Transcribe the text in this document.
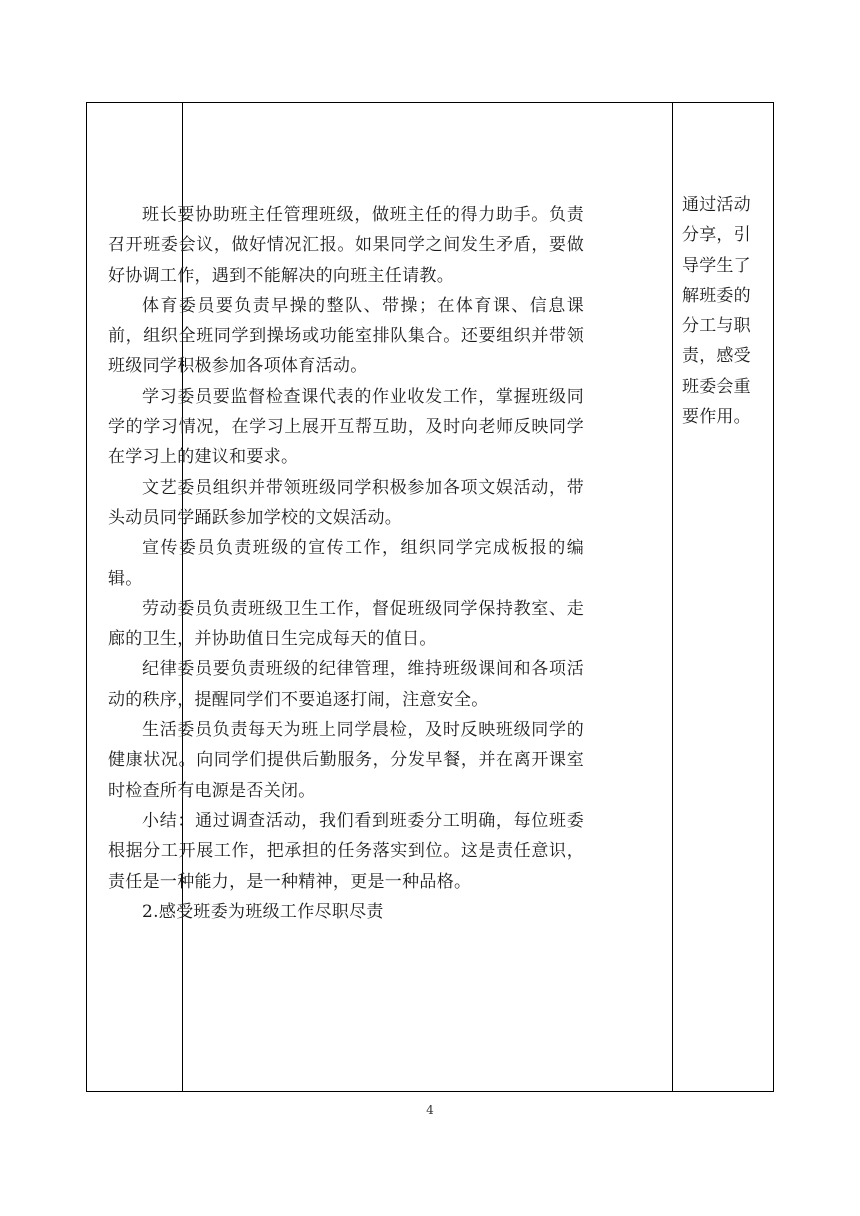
班长要协助班主任管理班级，做班主任的得力助手。负责召开班委会议，做好情况汇报。如果同学之间发生矛盾，要做好协调工作，遇到不能解决的向班主任请教。

体育委员要负责早操的整队、带操；在体育课、信息课前，组织全班同学到操场或功能室排队集合。还要组织并带领班级同学积极参加各项体育活动。

学习委员要监督检查课代表的作业收发工作，掌握班级同学的学习情况，在学习上展开互帮互助，及时向老师反映同学在学习上的建议和要求。

文艺委员组织并带领班级同学积极参加各项文娱活动，带头动员同学踊跃参加学校的文娱活动。

宣传委员负责班级的宣传工作，组织同学完成板报的编辑。

劳动委员负责班级卫生工作，督促班级同学保持教室、走廊的卫生，并协助值日生完成每天的值日。

纪律委员要负责班级的纪律管理，维持班级课间和各项活动的秩序，提醒同学们不要追逐打闹，注意安全。

生活委员负责每天为班上同学晨检，及时反映班级同学的健康状况。向同学们提供后勤服务，分发早餐，并在离开课室时检查所有电源是否关闭。

小结：通过调查活动，我们看到班委分工明确，每位班委根据分工开展工作，把承担的任务落实到位。这是责任意识，责任是一种能力，是一种精神，更是一种品格。

2.感受班委为班级工作尽职尽责

通过活动分享，引导学生了解班委的分工与职责，感受班委会重要作用。
4
